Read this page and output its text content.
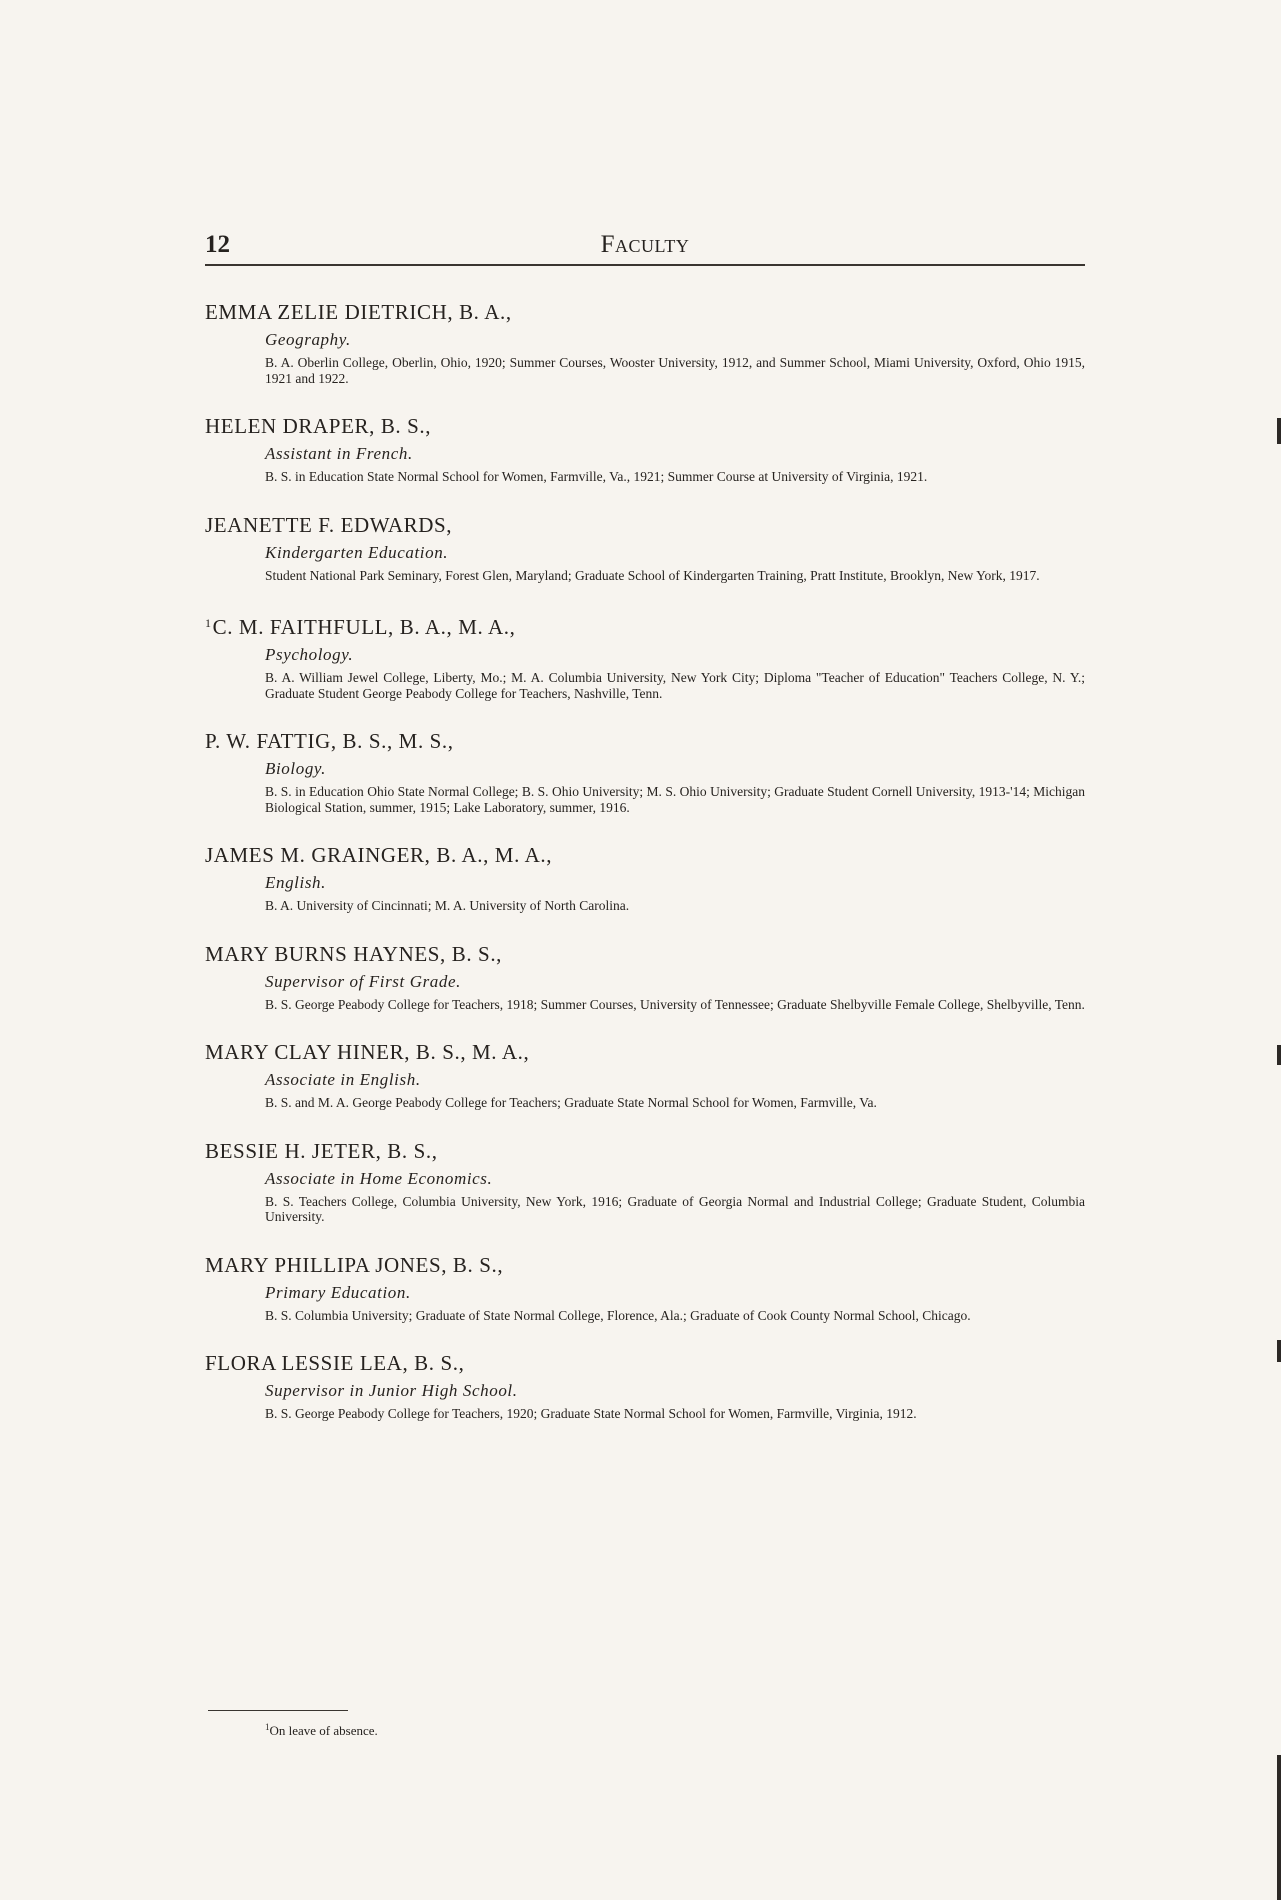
12	Faculty
EMMA ZELIE DIETRICH, B. A.,
Geography.
B. A. Oberlin College, Oberlin, Ohio, 1920; Summer Courses, Wooster University, 1912, and Summer School, Miami University, Oxford, Ohio 1915, 1921 and 1922.
HELEN DRAPER, B. S.,
Assistant in French.
B. S. in Education State Normal School for Women, Farmville, Va., 1921; Summer Course at University of Virginia, 1921.
JEANETTE F. EDWARDS,
Kindergarten Education.
Student National Park Seminary, Forest Glen, Maryland; Graduate School of Kindergarten Training, Pratt Institute, Brooklyn, New York, 1917.
$^1$C. M. FAITHFULL, B. A., M. A.,
Psychology.
B. A. William Jewel College, Liberty, Mo.; M. A. Columbia University, New York City; Diploma "Teacher of Education" Teachers College, N. Y.; Graduate Student George Peabody College for Teachers, Nashville, Tenn.
P. W. FATTIG, B. S., M. S.,
Biology.
B. S. in Education Ohio State Normal College; B. S. Ohio University; M. S. Ohio University; Graduate Student Cornell University, 1913-'14; Michigan Biological Station, summer, 1915; Lake Laboratory, summer, 1916.
JAMES M. GRAINGER, B. A., M. A.,
English.
B. A. University of Cincinnati; M. A. University of North Carolina.
MARY BURNS HAYNES, B. S.,
Supervisor of First Grade.
B. S. George Peabody College for Teachers, 1918; Summer Courses, University of Tennessee; Graduate Shelbyville Female College, Shelbyville, Tenn.
MARY CLAY HINER, B. S., M. A.,
Associate in English.
B. S. and M. A. George Peabody College for Teachers; Graduate State Normal School for Women, Farmville, Va.
BESSIE H. JETER, B. S.,
Associate in Home Economics.
B. S. Teachers College, Columbia University, New York, 1916; Graduate of Georgia Normal and Industrial College; Graduate Student, Columbia University.
MARY PHILLIPA JONES, B. S.,
Primary Education.
B. S. Columbia University; Graduate of State Normal College, Florence, Ala.; Graduate of Cook County Normal School, Chicago.
FLORA LESSIE LEA, B. S.,
Supervisor in Junior High School.
B. S. George Peabody College for Teachers, 1920; Graduate State Normal School for Women, Farmville, Virginia, 1912.
$^1$On leave of absence.
